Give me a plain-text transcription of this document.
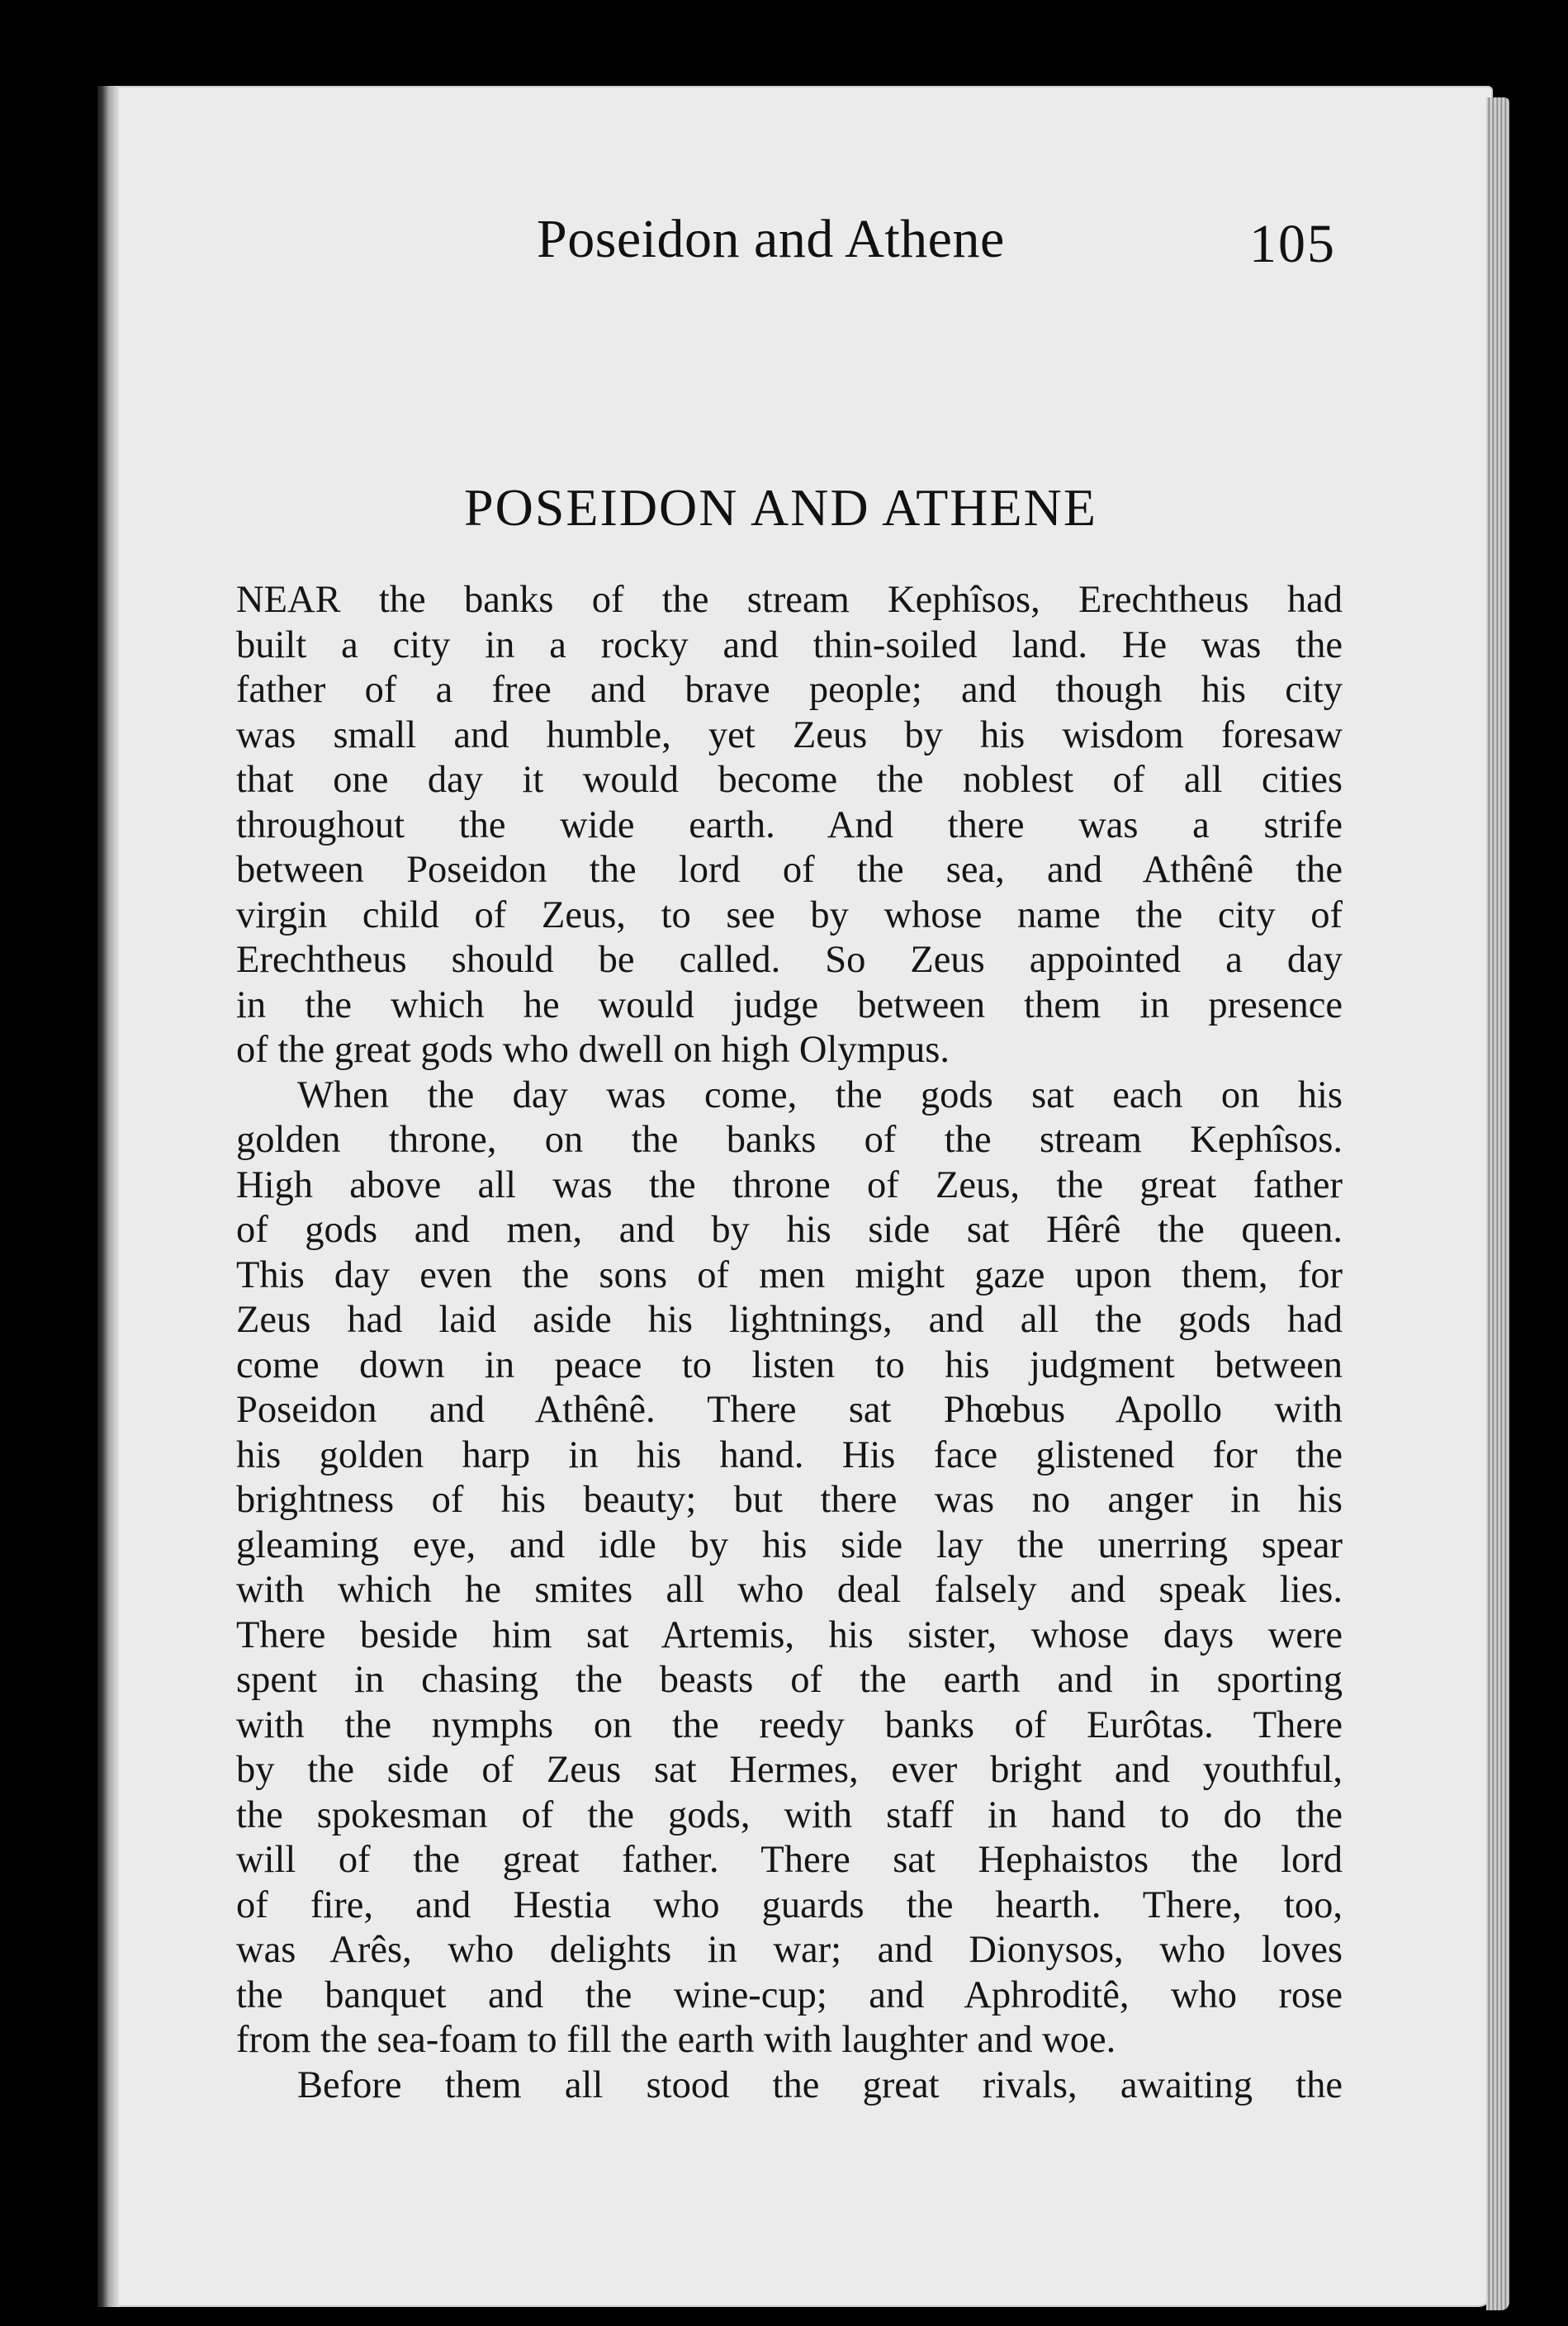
Poseidon and Athene	105
POSEIDON AND ATHENE
NEAR the banks of the stream Kephîsos, Erechtheus had
built a city in a rocky and thin-soiled land. He was the
father of a free and brave people; and though his city
was small and humble, yet Zeus by his wisdom foresaw
that one day it would become the noblest of all cities
throughout the wide earth. And there was a strife
between Poseidon the lord of the sea, and Athênê the
virgin child of Zeus, to see by whose name the city of
Erechtheus should be called. So Zeus appointed a day
in the which he would judge between them in presence
of the great gods who dwell on high Olympus.
When the day was come, the gods sat each on his
golden throne, on the banks of the stream Kephîsos.
High above all was the throne of Zeus, the great father
of gods and men, and by his side sat Hêrê the queen.
This day even the sons of men might gaze upon them, for
Zeus had laid aside his lightnings, and all the gods had
come down in peace to listen to his judgment between
Poseidon and Athênê. There sat Phœbus Apollo with
his golden harp in his hand. His face glistened for the
brightness of his beauty; but there was no anger in his
gleaming eye, and idle by his side lay the unerring spear
with which he smites all who deal falsely and speak lies.
There beside him sat Artemis, his sister, whose days were
spent in chasing the beasts of the earth and in sporting
with the nymphs on the reedy banks of Eurôtas. There
by the side of Zeus sat Hermes, ever bright and youthful,
the spokesman of the gods, with staff in hand to do the
will of the great father. There sat Hephaistos the lord
of fire, and Hestia who guards the hearth. There, too,
was Arês, who delights in war; and Dionysos, who loves
the banquet and the wine-cup; and Aphroditê, who rose
from the sea-foam to fill the earth with laughter and woe.
Before them all stood the great rivals, awaiting the
